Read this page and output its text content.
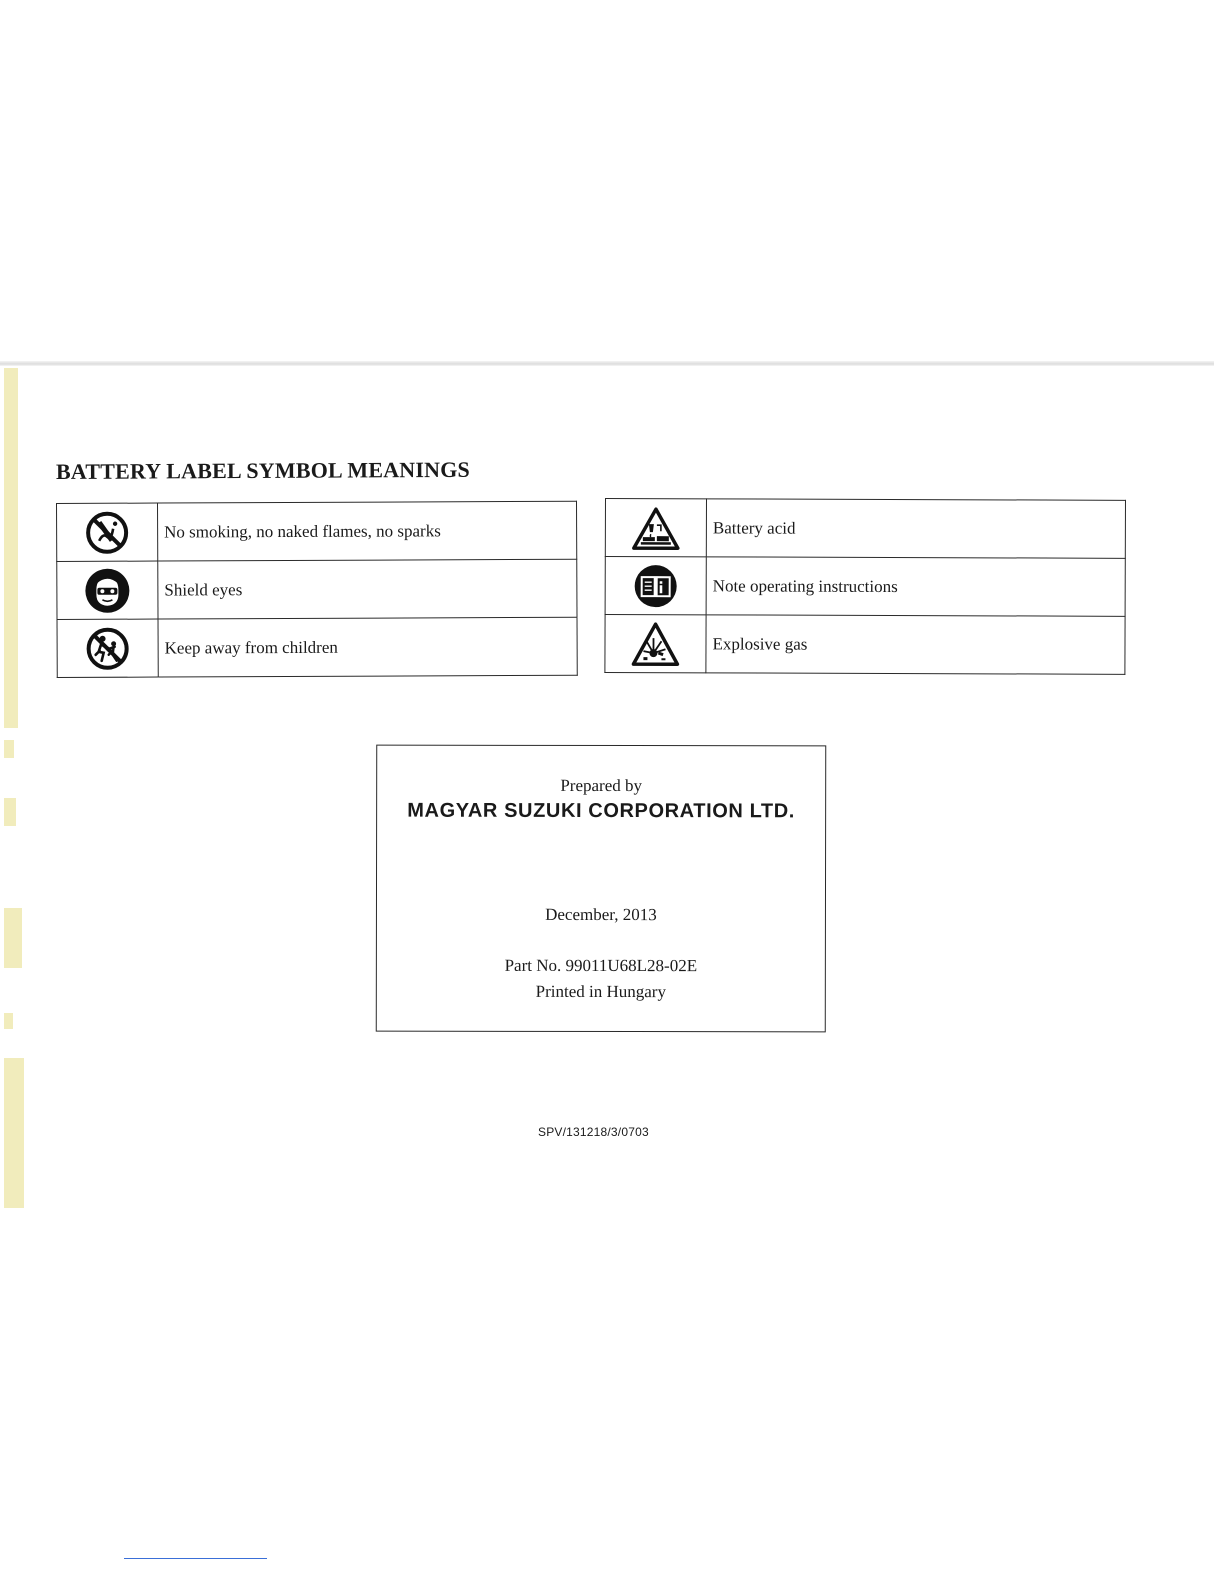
BATTERY LABEL SYMBOL MEANINGS
	No smoking, no naked flames, no sparks

	Shield eyes

	Keep away from children
	Battery acid

	Note operating instructions

	Explosive gas
Prepared by
MAGYAR SUZUKI CORPORATION LTD.
December, 2013
Part No. 99011U68L28-02E
Printed in Hungary
SPV/131218/3/0703
